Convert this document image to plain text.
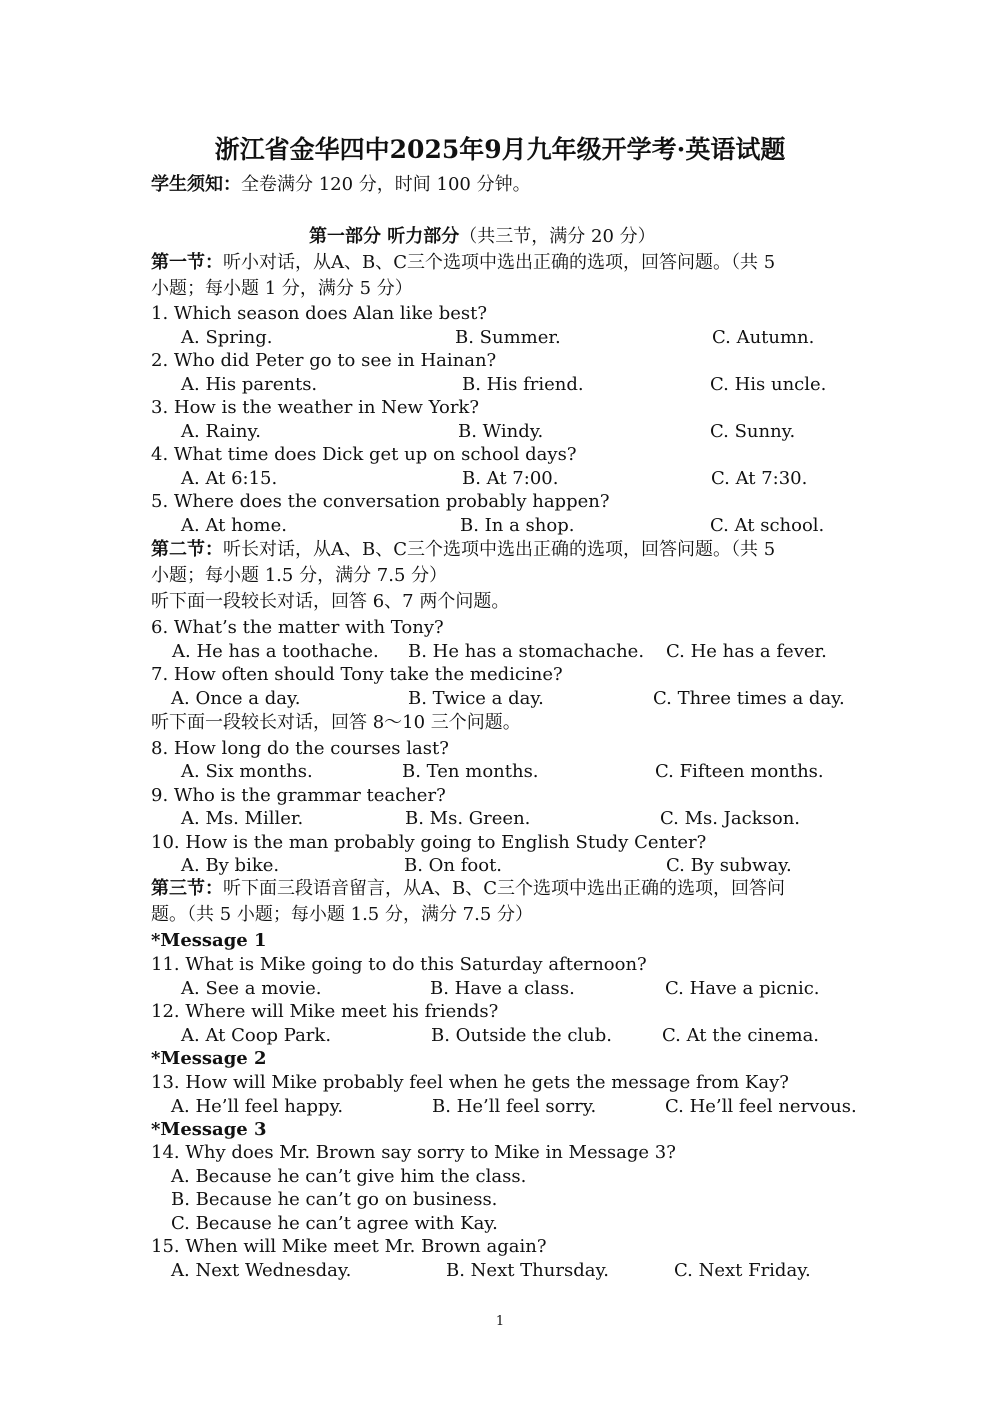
浙江省金华四中2025年9月九年级开学考·英语试题
学生须知：全卷满分 120 分，时间 100 分钟。
第一部分 听力部分（共三节，满分 20 分）
第一节：听小对话，从A、B、C三个选项中选出正确的选项，回答问题。（共 5
小题；每小题 1 分，满分 5 分）
1. Which season does Alan like best?
A. Spring.	B. Summer.	C. Autumn.
2. Who did Peter go to see in Hainan?
A. His parents.	B. His friend.	C. His uncle.
3. How is the weather in New York?
A. Rainy.	B. Windy.	C. Sunny.
4. What time does Dick get up on school days?
A. At 6:15.	B. At 7:00.	C. At 7:30.
5. Where does the conversation probably happen?
A. At home.	B. In a shop.	C. At school.
第二节：听长对话，从A、B、C三个选项中选出正确的选项，回答问题。（共 5
小题；每小题 1.5 分，满分 7.5 分）
听下面一段较长对话，回答 6、7 两个问题。
6. What’s the matter with Tony?
A. He has a toothache. B. He has a stomachache. C. He has a fever.
7. How often should Tony take the medicine?
A. Once a day.	B. Twice a day.	C. Three times a day.
听下面一段较长对话，回答 8～10 三个问题。
8. How long do the courses last?
A. Six months.	B. Ten months.	C. Fifteen months.
9. Who is the grammar teacher?
A. Ms. Miller.	B. Ms. Green.	C. Ms. Jackson.
10. How is the man probably going to English Study Center?
A. By bike.	B. On foot.	C. By subway.
第三节：听下面三段语音留言，从A、B、C三个选项中选出正确的选项，回答问
题。（共 5 小题；每小题 1.5 分，满分 7.5 分）
*Message 1
11. What is Mike going to do this Saturday afternoon?
A. See a movie.	B. Have a class.	C. Have a picnic.
12. Where will Mike meet his friends?
A. At Coop Park.	B. Outside the club.	C. At the cinema.
*Message 2
13. How will Mike probably feel when he gets the message from Kay?
A. He’ll feel happy.	B. He’ll feel sorry.	C. He’ll feel nervous.
*Message 3
14. Why does Mr. Brown say sorry to Mike in Message 3?
A. Because he can’t give him the class.
B. Because he can’t go on business.
C. Because he can’t agree with Kay.
15. When will Mike meet Mr. Brown again?
A. Next Wednesday.	B. Next Thursday.	C. Next Friday.
1
